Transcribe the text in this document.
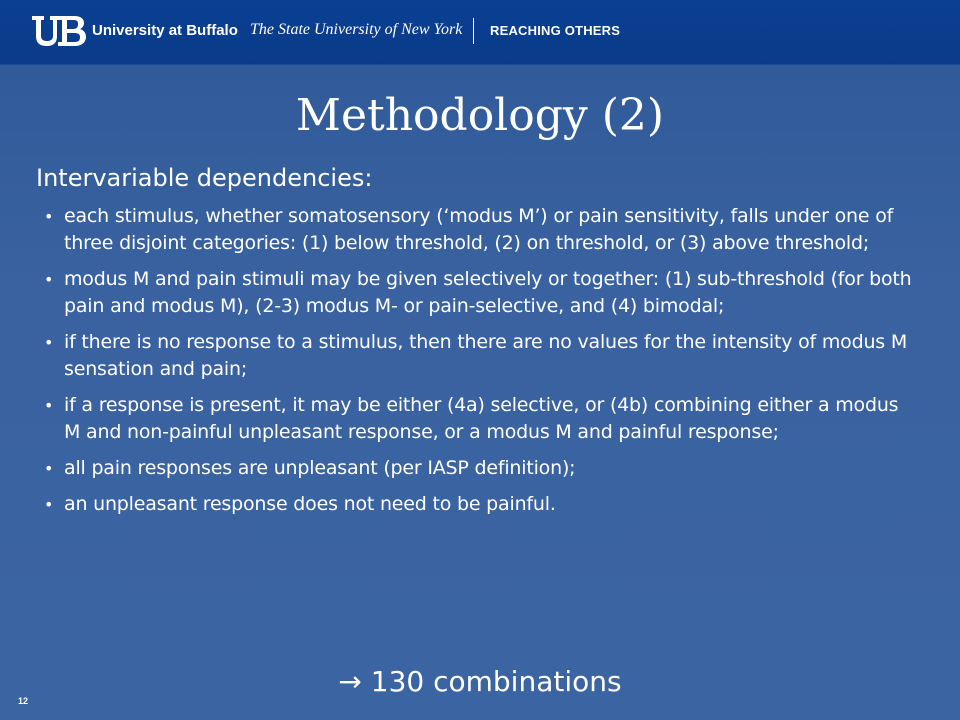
University at Buffalo The State University of New York REACHING OTHERS
Methodology (2)
Intervariable dependencies:
• each stimulus, whether somatosensory (‘modus M’) or pain sensitivity, falls under one of three disjoint categories: (1) below threshold, (2) on threshold, or (3) above threshold;
• modus M and pain stimuli may be given selectively or together: (1) sub-threshold (for both pain and modus M), (2-3) modus M- or pain-selective, and (4) bimodal;
• if there is no response to a stimulus, then there are no values for the intensity of modus M sensation and pain;
• if a response is present, it may be either (4a) selective, or (4b) combining either a modus M and non-painful unpleasant response, or a modus M and painful response;
• all pain responses are unpleasant (per IASP definition);
• an unpleasant response does not need to be painful.
→ 130 combinations
12
